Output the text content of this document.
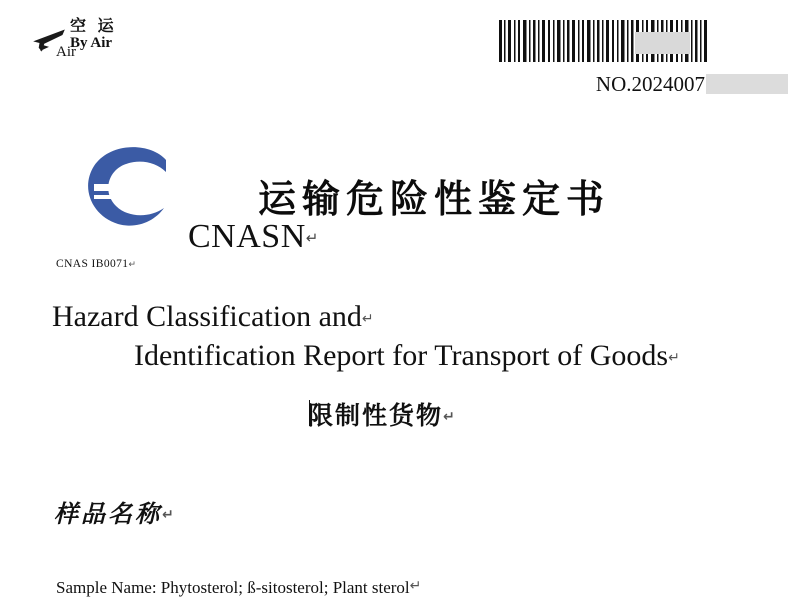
空 运
By Air
Air
NO.2024007
CNASN↵
CNAS IB0071↵
运输危险性鉴定书
Hazard Classification and↵
Identification Report for Transport of Goods↵
限制性货物↵
样品名称↵
Sample Name: Phytosterol; ß-sitosterol; Plant sterol↵
